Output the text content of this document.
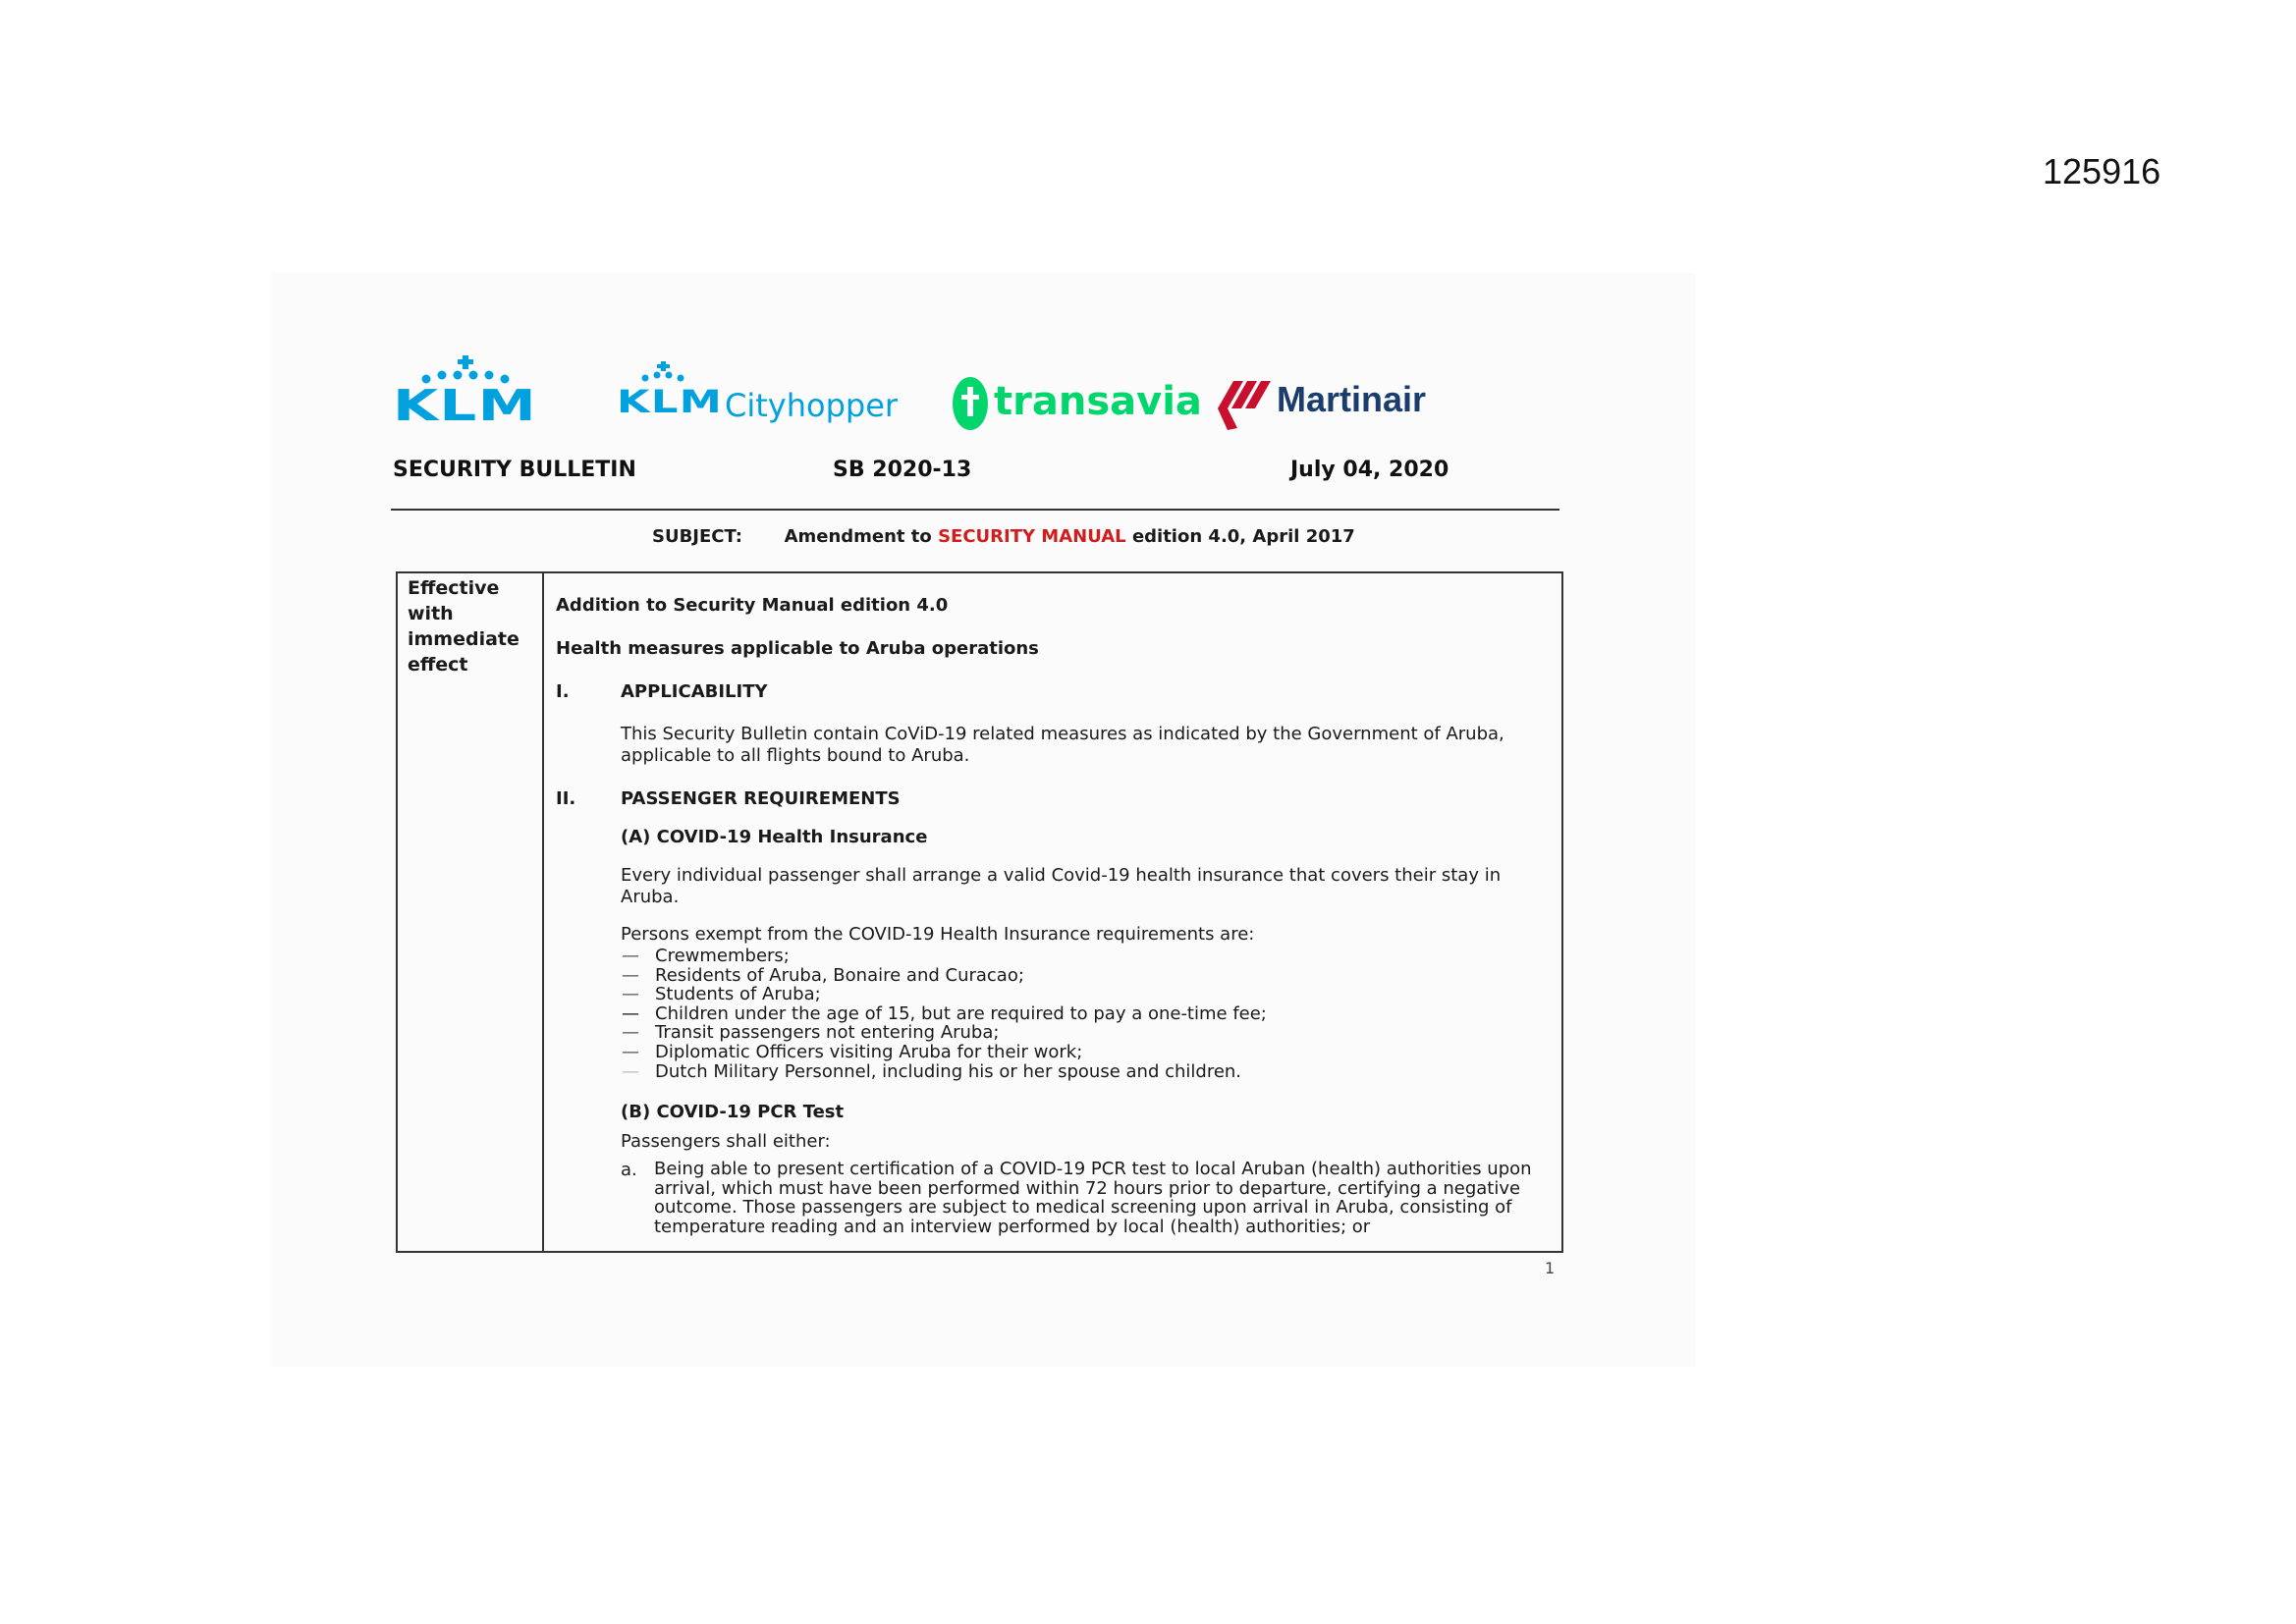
125916
KLM	KLM Cityhopper transavia Martinair
SECURITY BULLETIN	SB 2020-13	July 04, 2020
SUBJECT: Amendment to SECURITY MANUAL edition 4.0, April 2017
Effective
with
immediate
effect
Addition to Security Manual edition 4.0
Health measures applicable to Aruba operations
I.	APPLICABILITY
This Security Bulletin contain CoViD-19 related measures as indicated by the Government of Aruba,
applicable to all flights bound to Aruba.
II.	PASSENGER REQUIREMENTS
(A) COVID-19 Health Insurance
Every individual passenger shall arrange a valid Covid-19 health insurance that covers their stay in
Aruba.
Persons exempt from the COVID-19 Health Insurance requirements are:
— Crewmembers;
— Residents of Aruba, Bonaire and Curacao;
— Students of Aruba;
— Children under the age of 15, but are required to pay a one-time fee;
— Transit passengers not entering Aruba;
— Diplomatic Officers visiting Aruba for their work;
— Dutch Military Personnel, including his or her spouse and children.
(B) COVID-19 PCR Test
Passengers shall either:
a. Being able to present certification of a COVID-19 PCR test to local Aruban (health) authorities upon
arrival, which must have been performed within 72 hours prior to departure, certifying a negative
outcome. Those passengers are subject to medical screening upon arrival in Aruba, consisting of
temperature reading and an interview performed by local (health) authorities; or
1
